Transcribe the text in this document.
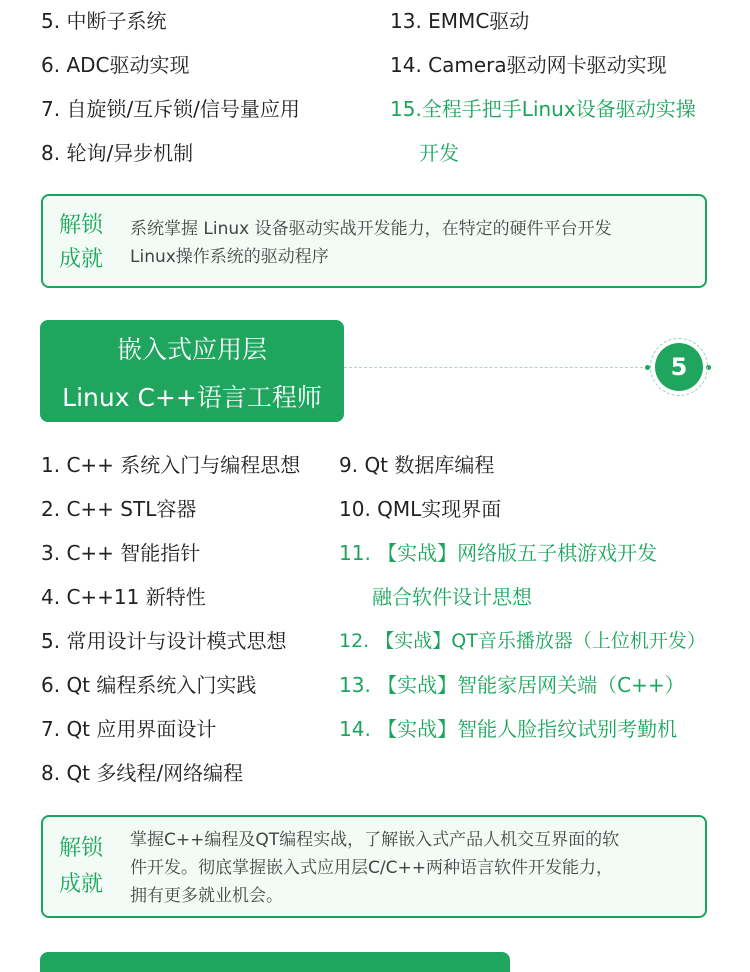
5. 中断子系统
6. ADC驱动实现
7. 自旋锁/互斥锁/信号量应用
8. 轮询/异步机制
13. EMMC驱动
14. Camera驱动网卡驱动实现
15.全程手把手Linux设备驱动实操
开发
解锁
成就
系统掌握 Linux 设备驱动实战开发能力，在特定的硬件平台开发
Linux操作系统的驱动程序
嵌入式应用层
Linux C++语言工程师
5
1. C++ 系统入门与编程思想
2. C++ STL容器
3. C++ 智能指针
4. C++11 新特性
5. 常用设计与设计模式思想
6. Qt 编程系统入门实践
7. Qt 应用界面设计
8. Qt 多线程/网络编程
9. Qt 数据库编程
10. QML实现界面
11. 【实战】网络版五子棋游戏开发
融合软件设计思想
12. 【实战】QT音乐播放器（上位机开发）
13. 【实战】智能家居网关端（C++）
14. 【实战】智能人脸指纹试别考勤机
解锁
成就
掌握C++编程及QT编程实战，了解嵌入式产品人机交互界面的软
件开发。彻底掌握嵌入式应用层C/C++两种语言软件开发能力，
拥有更多就业机会。
